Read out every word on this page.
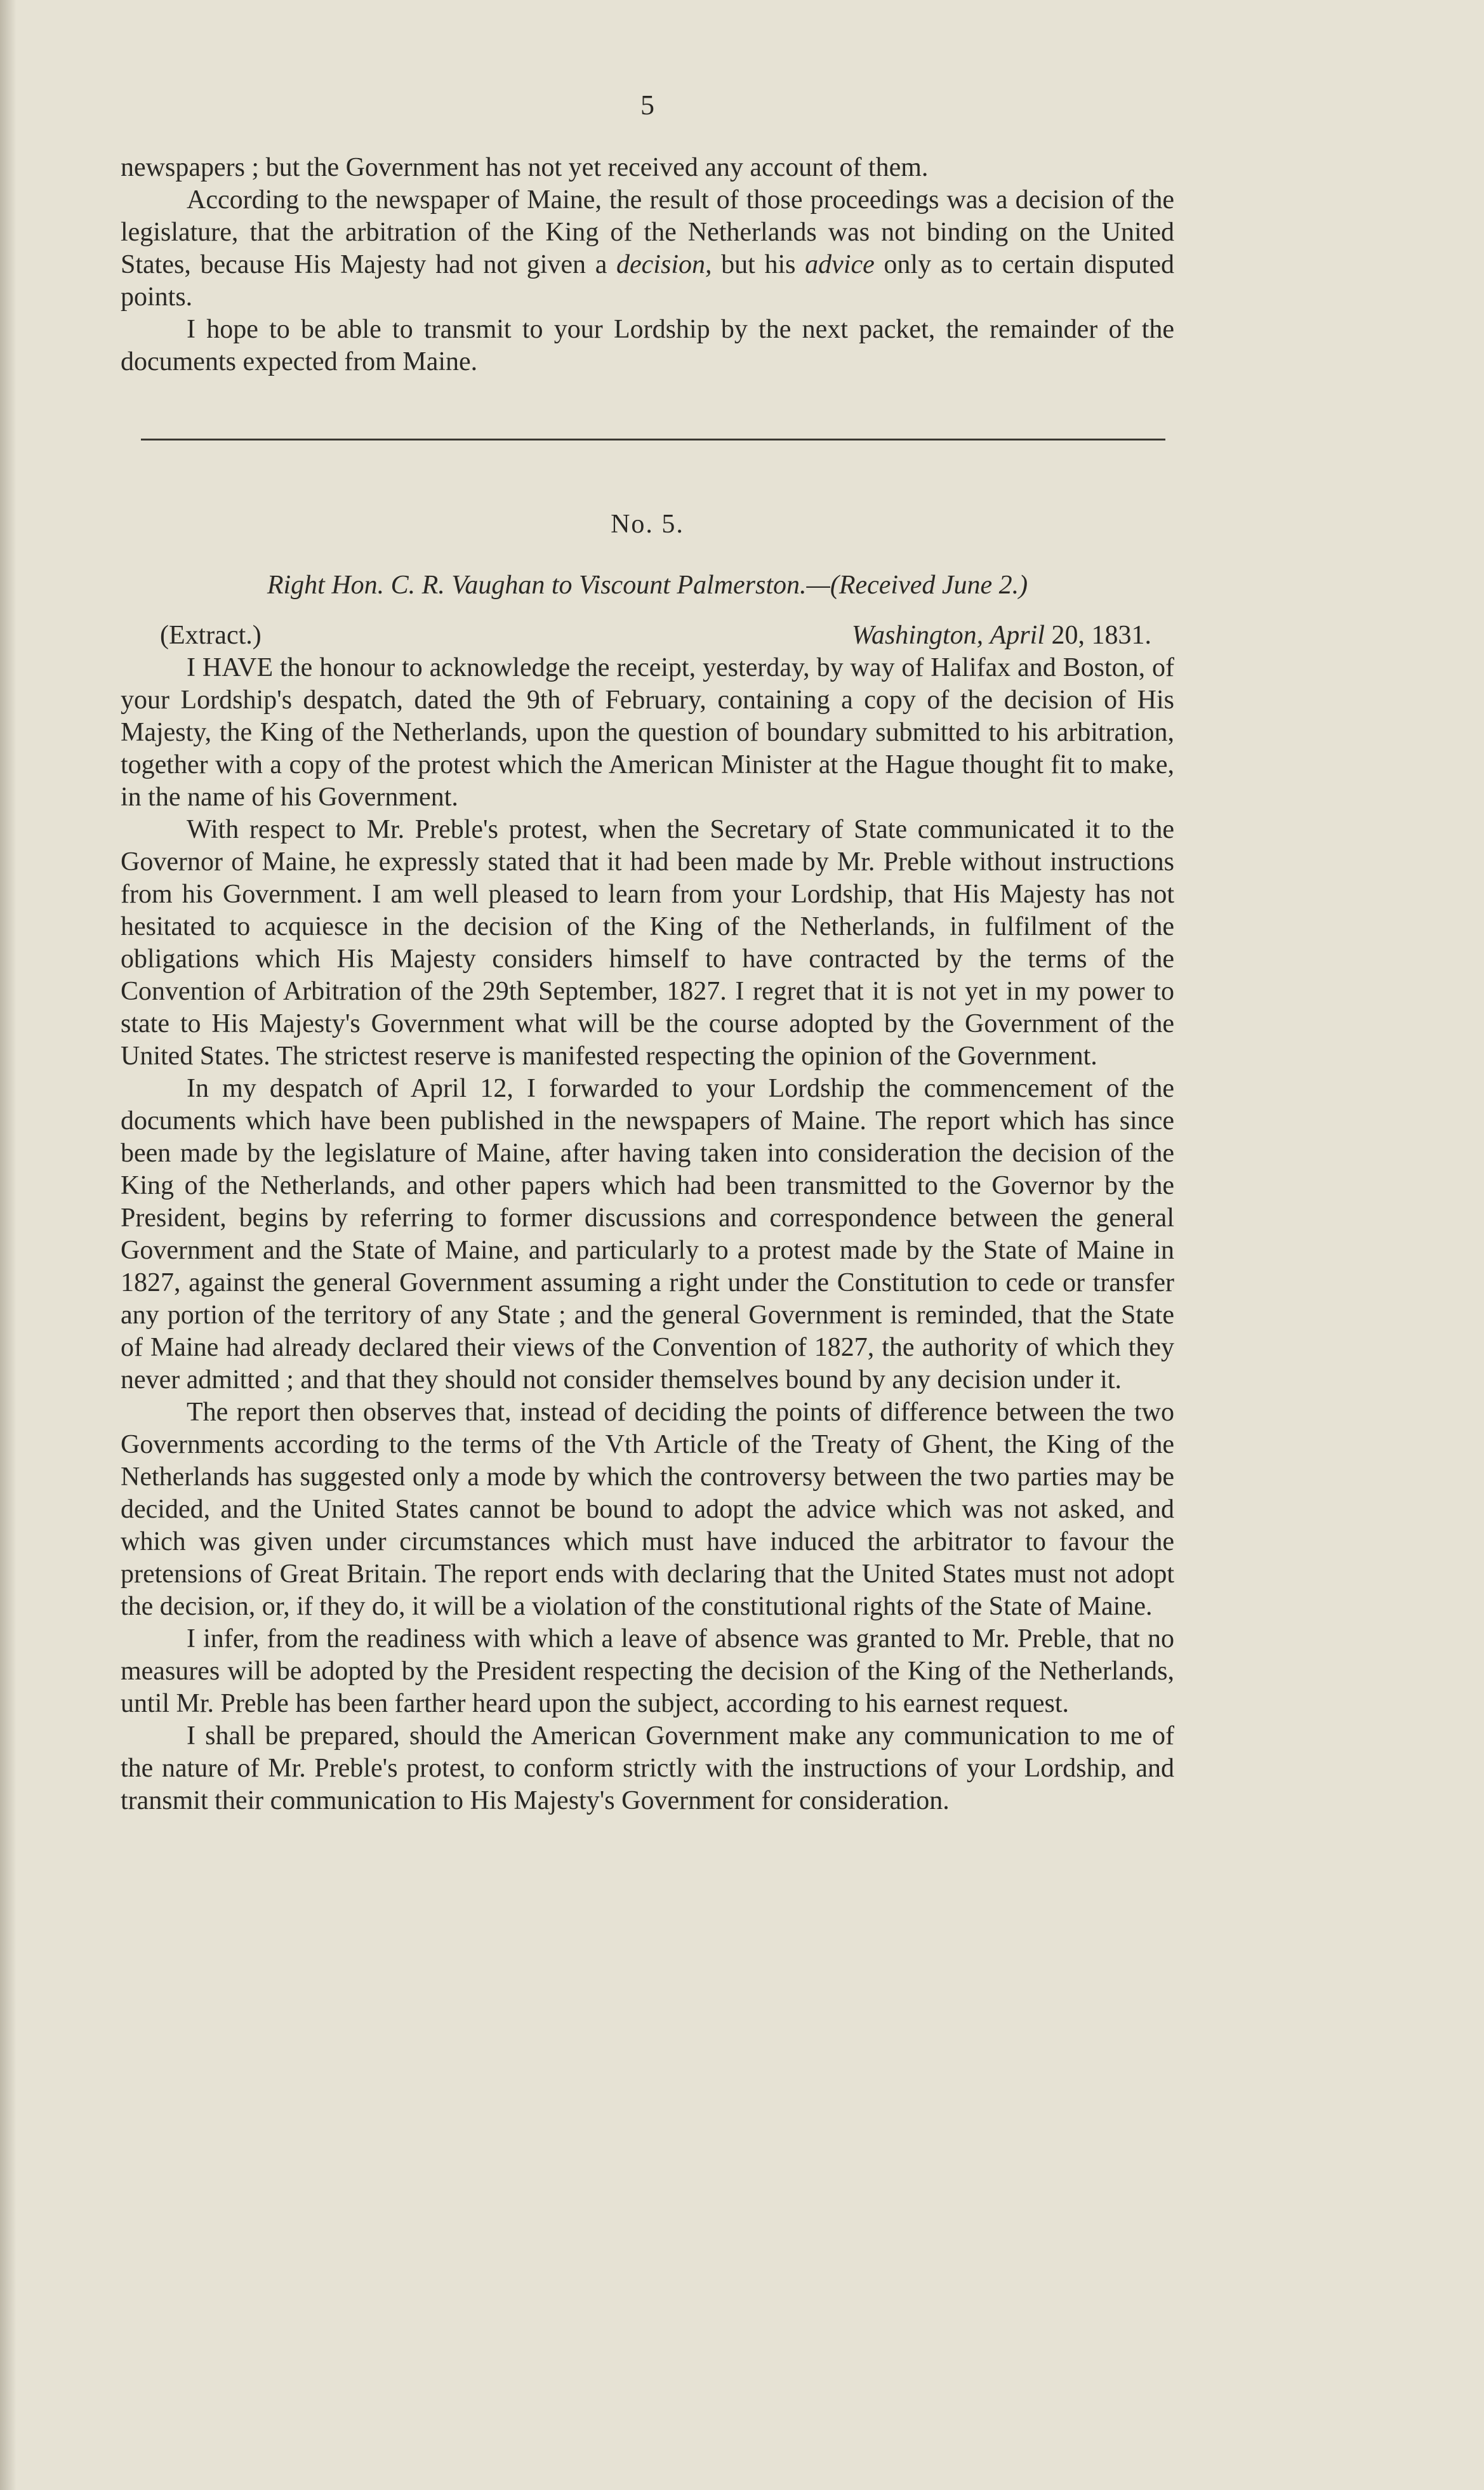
5

newspapers ; but the Government has not yet received any account of them.

According to the newspaper of Maine, the result of those proceedings was a decision of the legislature, that the arbitration of the King of the Netherlands was not binding on the United States, because His Majesty had not given a decision, but his advice only as to certain disputed points.

I hope to be able to transmit to your Lordship by the next packet, the remainder of the documents expected from Maine.

No. 5.
Right Hon. C. R. Vaughan to Viscount Palmerston.—(Received June 2.)
(Extract.)	Washington, April 20, 1831.

I HAVE the honour to acknowledge the receipt, yesterday, by way of Halifax and Boston, of your Lordship's despatch, dated the 9th of February, containing a copy of the decision of His Majesty, the King of the Netherlands, upon the question of boundary submitted to his arbitration, together with a copy of the protest which the American Minister at the Hague thought fit to make, in the name of his Government.

With respect to Mr. Preble's protest, when the Secretary of State communicated it to the Governor of Maine, he expressly stated that it had been made by Mr. Preble without instructions from his Government. I am well pleased to learn from your Lordship, that His Majesty has not hesitated to acquiesce in the decision of the King of the Netherlands, in fulfilment of the obligations which His Majesty considers himself to have contracted by the terms of the Convention of Arbitration of the 29th September, 1827. I regret that it is not yet in my power to state to His Majesty's Government what will be the course adopted by the Government of the United States. The strictest reserve is manifested respecting the opinion of the Government.

In my despatch of April 12, I forwarded to your Lordship the commencement of the documents which have been published in the newspapers of Maine. The report which has since been made by the legislature of Maine, after having taken into consideration the decision of the King of the Netherlands, and other papers which had been transmitted to the Governor by the President, begins by referring to former discussions and correspondence between the general Government and the State of Maine, and particularly to a protest made by the State of Maine in 1827, against the general Government assuming a right under the Constitution to cede or transfer any portion of the territory of any State ; and the general Government is reminded, that the State of Maine had already declared their views of the Convention of 1827, the authority of which they never admitted ; and that they should not consider themselves bound by any decision under it.

The report then observes that, instead of deciding the points of difference between the two Governments according to the terms of the Vth Article of the Treaty of Ghent, the King of the Netherlands has suggested only a mode by which the controversy between the two parties may be decided, and the United States cannot be bound to adopt the advice which was not asked, and which was given under circumstances which must have induced the arbitrator to favour the pretensions of Great Britain. The report ends with declaring that the United States must not adopt the decision, or, if they do, it will be a violation of the constitutional rights of the State of Maine.

I infer, from the readiness with which a leave of absence was granted to Mr. Preble, that no measures will be adopted by the President respecting the decision of the King of the Netherlands, until Mr. Preble has been farther heard upon the subject, according to his earnest request.

I shall be prepared, should the American Government make any communication to me of the nature of Mr. Preble's protest, to conform strictly with the instructions of your Lordship, and transmit their communication to His Majesty's Government for consideration.
